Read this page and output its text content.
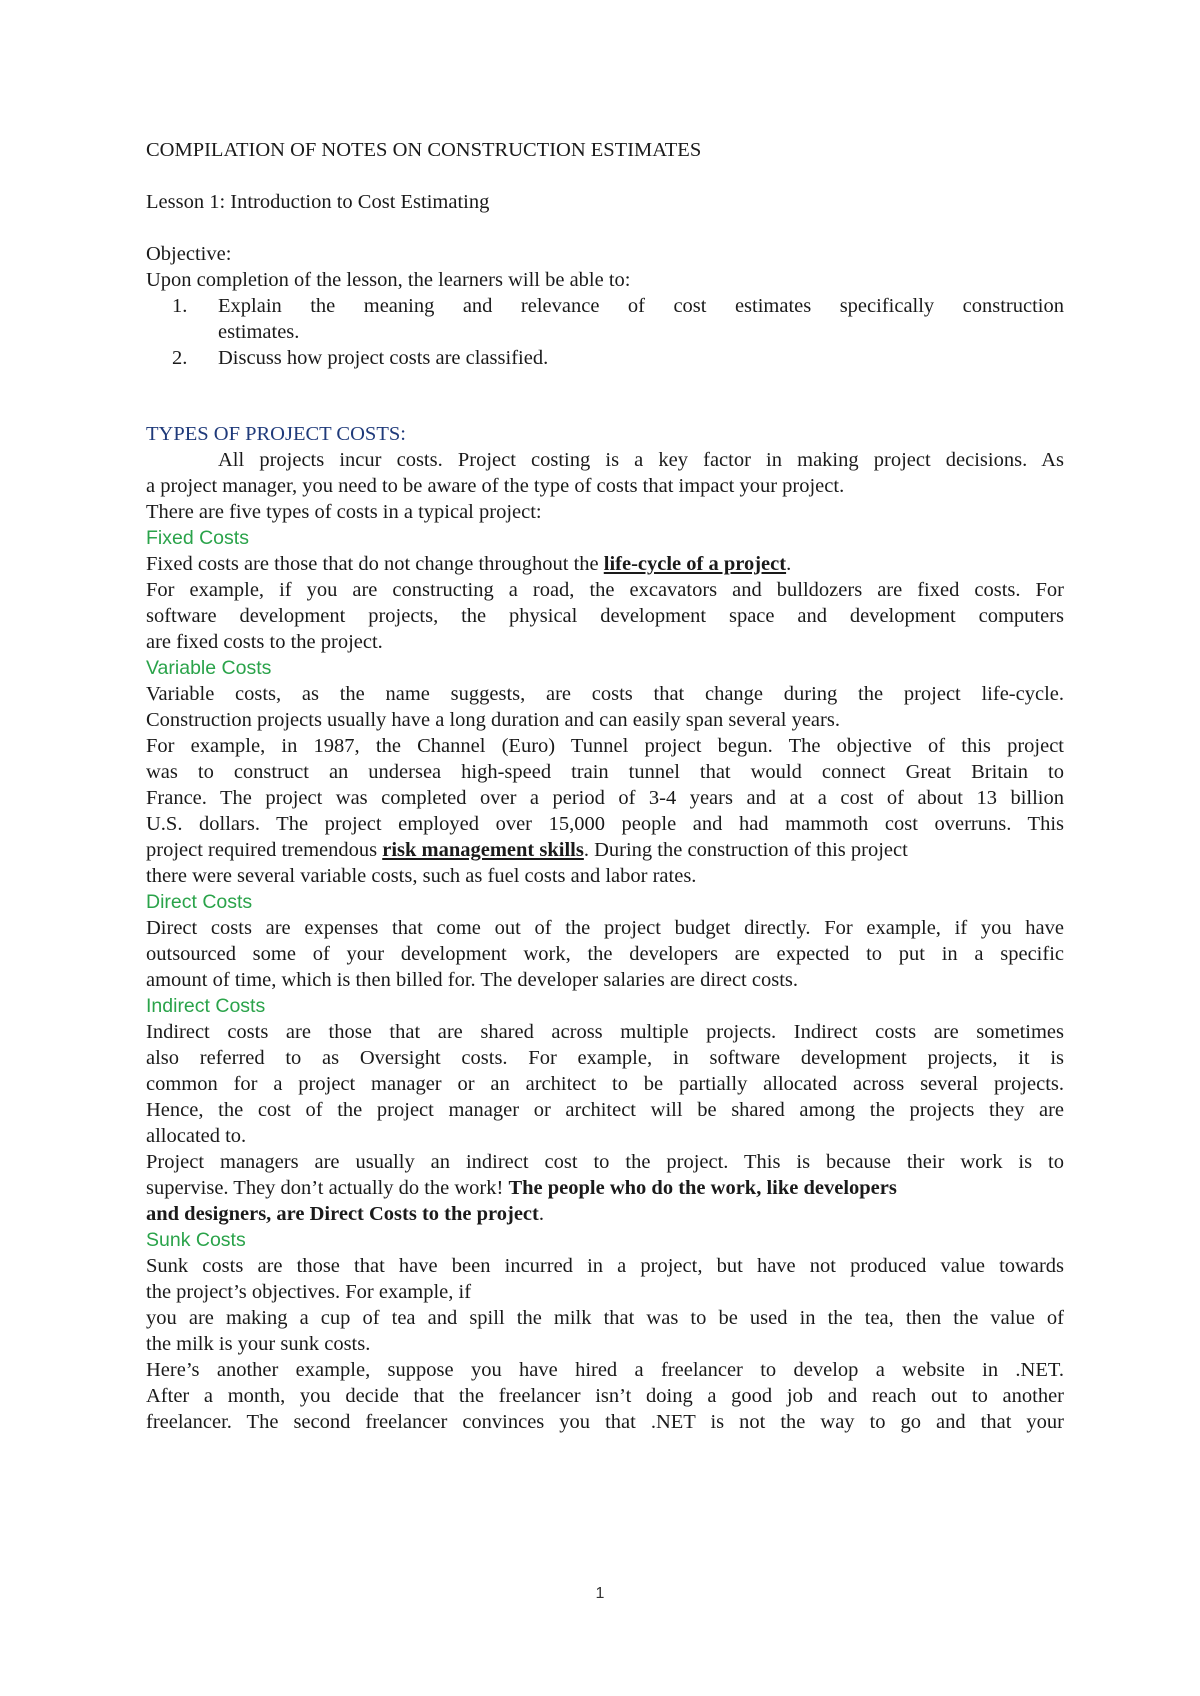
COMPILATION OF NOTES ON CONSTRUCTION ESTIMATES
Lesson 1: Introduction to Cost Estimating
Objective:
Upon completion of the lesson, the learners will be able to:
1. Explain the meaning and relevance of cost estimates specifically construction
estimates.
2. Discuss how project costs are classified.
TYPES OF PROJECT COSTS:
All projects incur costs. Project costing is a key factor in making project decisions. As
a project manager, you need to be aware of the type of costs that impact your project.
There are five types of costs in a typical project:
Fixed Costs
Fixed costs are those that do not change throughout the life-cycle of a project.
For example, if you are constructing a road, the excavators and bulldozers are fixed costs. For
software development projects, the physical development space and development computers
are fixed costs to the project.
Variable Costs
Variable costs, as the name suggests, are costs that change during the project life-cycle.
Construction projects usually have a long duration and can easily span several years.
For example, in 1987, the Channel (Euro) Tunnel project begun. The objective of this project
was to construct an undersea high-speed train tunnel that would connect Great Britain to
France. The project was completed over a period of 3-4 years and at a cost of about 13 billion
U.S. dollars. The project employed over 15,000 people and had mammoth cost overruns. This
project required tremendous risk management skills. During the construction of this project
there were several variable costs, such as fuel costs and labor rates.
Direct Costs
Direct costs are expenses that come out of the project budget directly. For example, if you have
outsourced some of your development work, the developers are expected to put in a specific
amount of time, which is then billed for. The developer salaries are direct costs.
Indirect Costs
Indirect costs are those that are shared across multiple projects. Indirect costs are sometimes
also referred to as Oversight costs. For example, in software development projects, it is
common for a project manager or an architect to be partially allocated across several projects.
Hence, the cost of the project manager or architect will be shared among the projects they are
allocated to.
Project managers are usually an indirect cost to the project. This is because their work is to
supervise. They don’t actually do the work! The people who do the work, like developers
and designers, are Direct Costs to the project.
Sunk Costs
Sunk costs are those that have been incurred in a project, but have not produced value towards
the project’s objectives. For example, if
you are making a cup of tea and spill the milk that was to be used in the tea, then the value of
the milk is your sunk costs.
Here’s another example, suppose you have hired a freelancer to develop a website in .NET.
After a month, you decide that the freelancer isn’t doing a good job and reach out to another
freelancer. The second freelancer convinces you that .NET is not the way to go and that your
1
